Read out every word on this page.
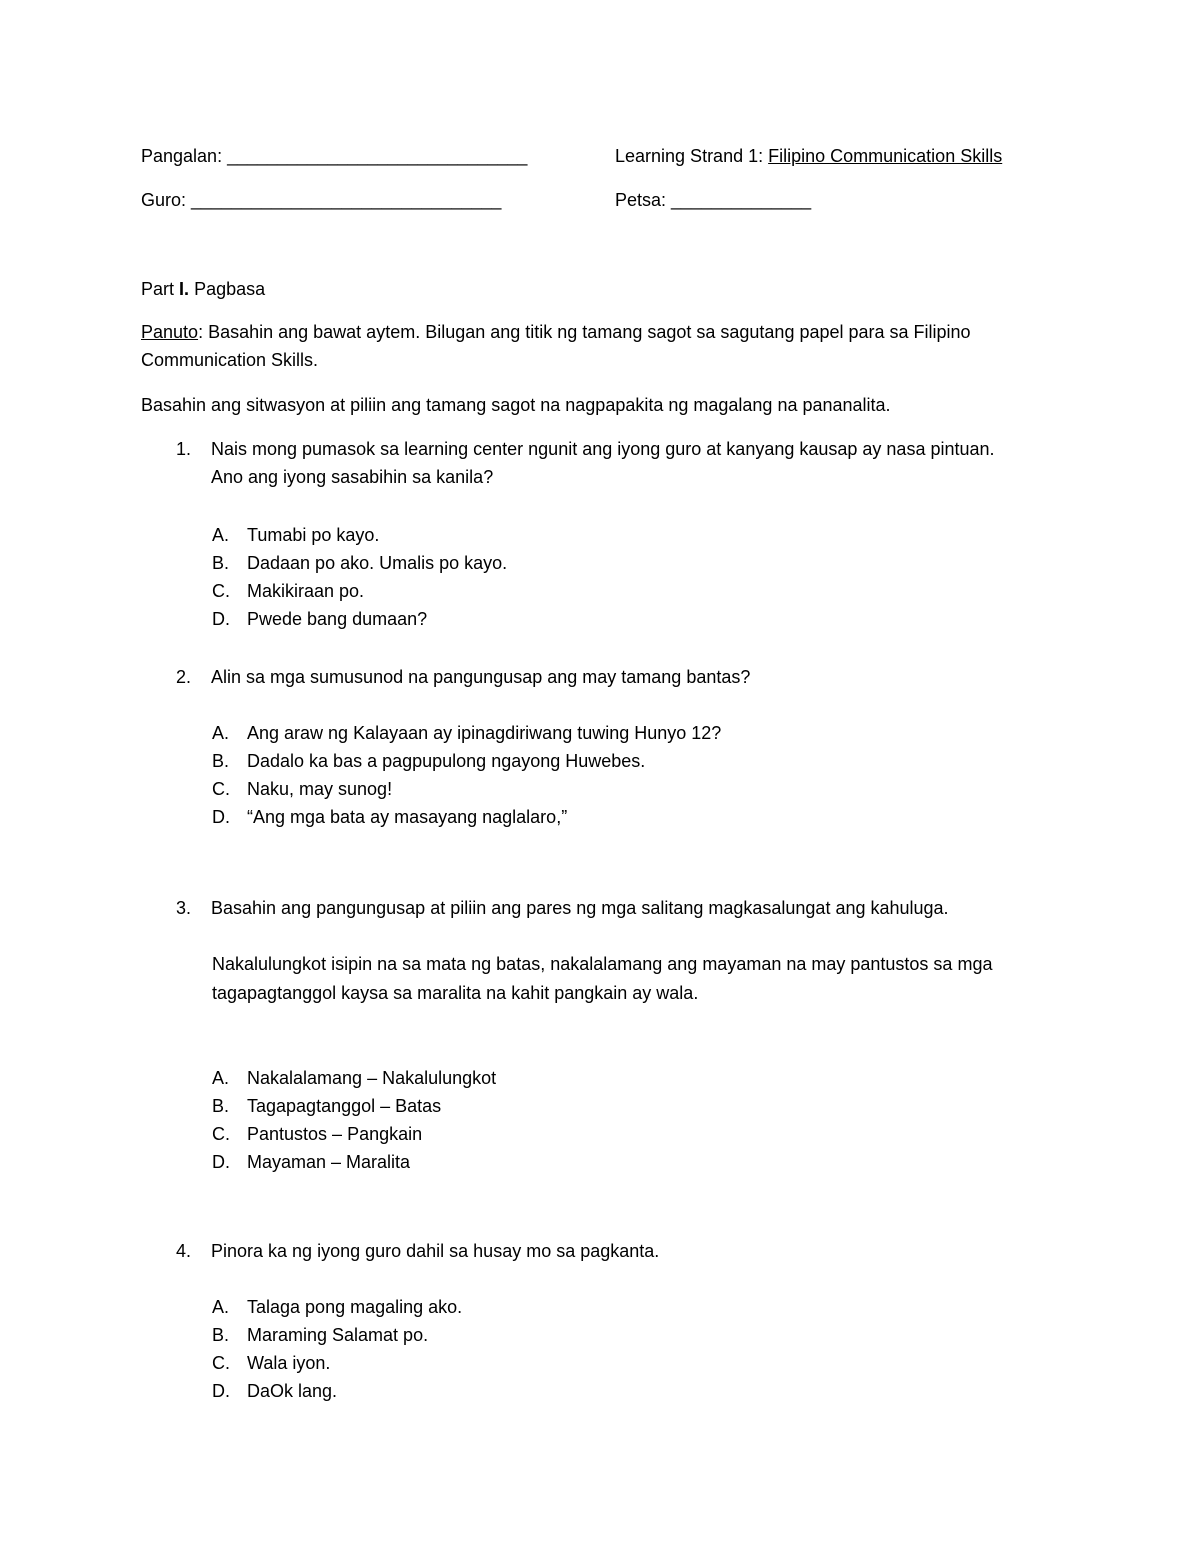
Pangalan: ______________________________	Learning Strand 1: Filipino Communication Skills
Guro: _______________________________	Petsa: ______________
Part I. Pagbasa
Panuto: Basahin ang bawat aytem. Bilugan ang titik ng tamang sagot sa sagutang papel para sa Filipino Communication Skills.
Basahin ang sitwasyon at piliin ang tamang sagot na nagpapakita ng magalang na pananalita.
1.	Nais mong pumasok sa learning center ngunit ang iyong guro at kanyang kausap ay nasa pintuan. Ano ang iyong sasabihin sa kanila?
A. Tumabi po kayo.
B. Dadaan po ako. Umalis po kayo.
C. Makikiraan po.
D. Pwede bang dumaan?
2.	Alin sa mga sumusunod na pangungusap ang may tamang bantas?
A. Ang araw ng Kalayaan ay ipinagdiriwang tuwing Hunyo 12?
B. Dadalo ka bas a pagpupulong ngayong Huwebes.
C. Naku, may sunog!
D. “Ang mga bata ay masayang naglalaro,”
3.	Basahin ang pangungusap at piliin ang pares ng mga salitang magkasalungat ang kahuluga.
Nakalulungkot isipin na sa mata ng batas, nakalalamang ang mayaman na may pantustos sa mga tagapagtanggol kaysa sa maralita na kahit pangkain ay wala.
A. Nakalalamang – Nakalulungkot
B. Tagapagtanggol – Batas
C. Pantustos – Pangkain
D. Mayaman – Maralita
4.	Pinora ka ng iyong guro dahil sa husay mo sa pagkanta.
A. Talaga pong magaling ako.
B. Maraming Salamat po.
C. Wala iyon.
D. DaOk lang.
